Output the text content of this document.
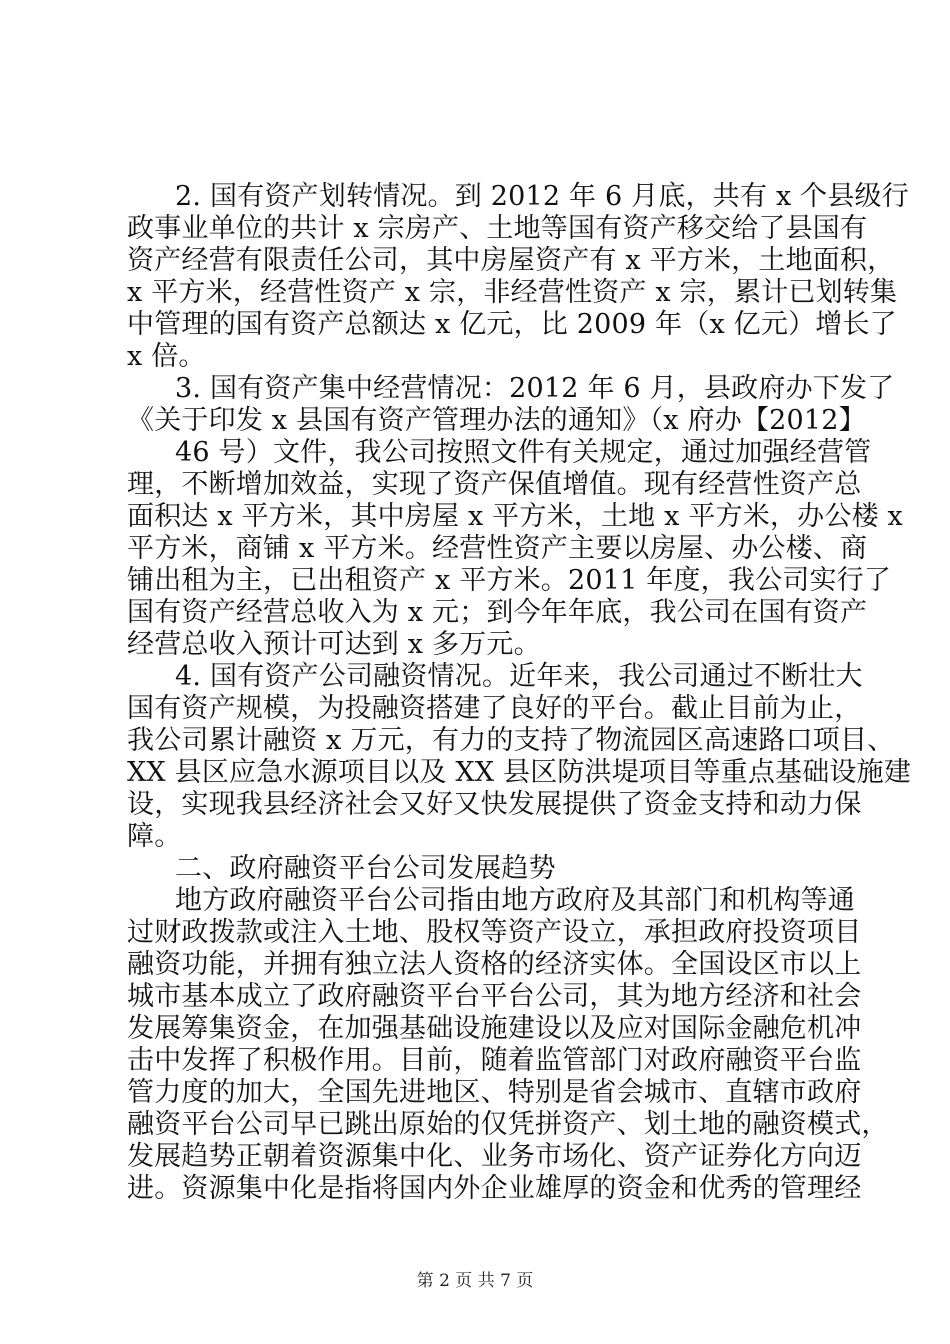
2. 国有资产划转情况。到 2012 年 6 月底，共有 x 个县级行
政事业单位的共计 x 宗房产、土地等国有资产移交给了县国有
资产经营有限责任公司，其中房屋资产有 x 平方米，土地面积，
x 平方米，经营性资产 x 宗，非经营性资产 x 宗，累计已划转集
中管理的国有资产总额达 x 亿元，比 2009 年（x 亿元）增长了
x 倍。
3. 国有资产集中经营情况：2012 年 6 月，县政府办下发了
《关于印发 x 县国有资产管理办法的通知》（x 府办【2012】
46 号）文件，我公司按照文件有关规定，通过加强经营管
理，不断增加效益，实现了资产保值增值。现有经营性资产总
面积达 x 平方米，其中房屋 x 平方米，土地 x 平方米，办公楼 x
平方米，商铺 x 平方米。经营性资产主要以房屋、办公楼、商
铺出租为主，已出租资产 x 平方米。2011 年度，我公司实行了
国有资产经营总收入为 x 元；到今年年底，我公司在国有资产
经营总收入预计可达到 x 多万元。
4. 国有资产公司融资情况。近年来，我公司通过不断壮大
国有资产规模，为投融资搭建了良好的平台。截止目前为止，
我公司累计融资 x 万元，有力的支持了物流园区高速路口项目、
XX 县区应急水源项目以及 XX 县区防洪堤项目等重点基础设施建
设，实现我县经济社会又好又快发展提供了资金支持和动力保
障。
二、政府融资平台公司发展趋势
地方政府融资平台公司指由地方政府及其部门和机构等通
过财政拨款或注入土地、股权等资产设立，承担政府投资项目
融资功能，并拥有独立法人资格的经济实体。全国设区市以上
城市基本成立了政府融资平台平台公司，其为地方经济和社会
发展筹集资金，在加强基础设施建设以及应对国际金融危机冲
击中发挥了积极作用。目前，随着监管部门对政府融资平台监
管力度的加大，全国先进地区、特别是省会城市、直辖市政府
融资平台公司早已跳出原始的仅凭拼资产、划土地的融资模式，
发展趋势正朝着资源集中化、业务市场化、资产证券化方向迈
进。资源集中化是指将国内外企业雄厚的资金和优秀的管理经
第 2 页 共 7 页
